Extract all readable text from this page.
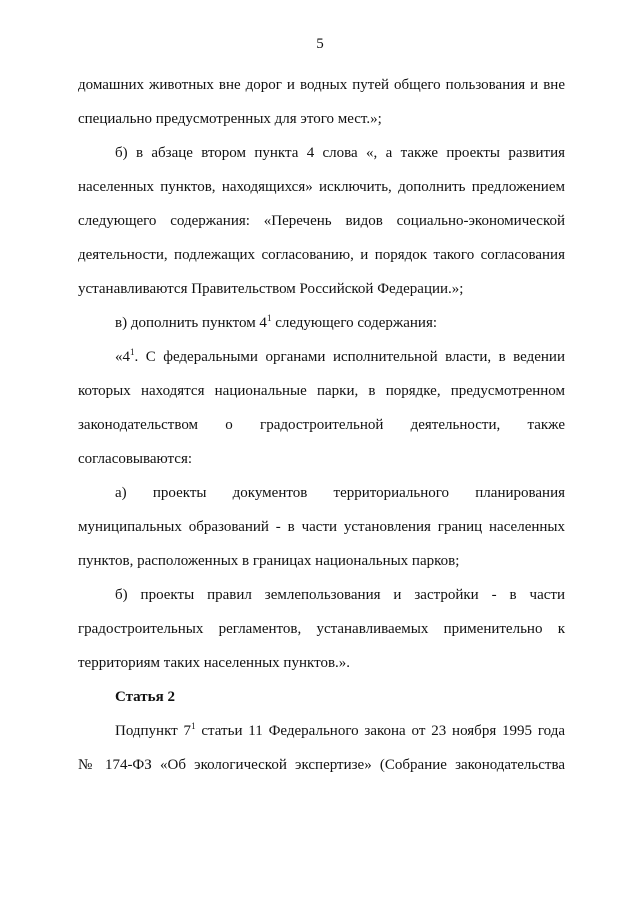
5
домашних животных вне дорог и водных путей общего пользования и вне
специально предусмотренных для этого мест.»;
б) в абзаце втором пункта 4 слова «, а также проекты развития
населенных пунктов, находящихся» исключить, дополнить предложением
следующего содержания: «Перечень видов социально-экономической
деятельности, подлежащих согласованию, и порядок такого согласования
устанавливаются Правительством Российской Федерации.»;
в) дополнить пунктом $4^1$ следующего содержания:
«$4^1$. С федеральными органами исполнительной власти, в ведении
которых находятся национальные парки, в порядке, предусмотренном
законодательством о градостроительной деятельности, также
согласовываются:
а) проекты документов территориального планирования
муниципальных образований - в части установления границ населенных
пунктов, расположенных в границах национальных парков;
б) проекты правил землепользования и застройки - в части
градостроительных регламентов, устанавливаемых применительно к
территориям таких населенных пунктов.».
Статья 2
Подпункт $7^1$ статьи 11 Федерального закона от 23 ноября 1995 года
№ 174-ФЗ «Об экологической экспертизе» (Собрание законодательства
